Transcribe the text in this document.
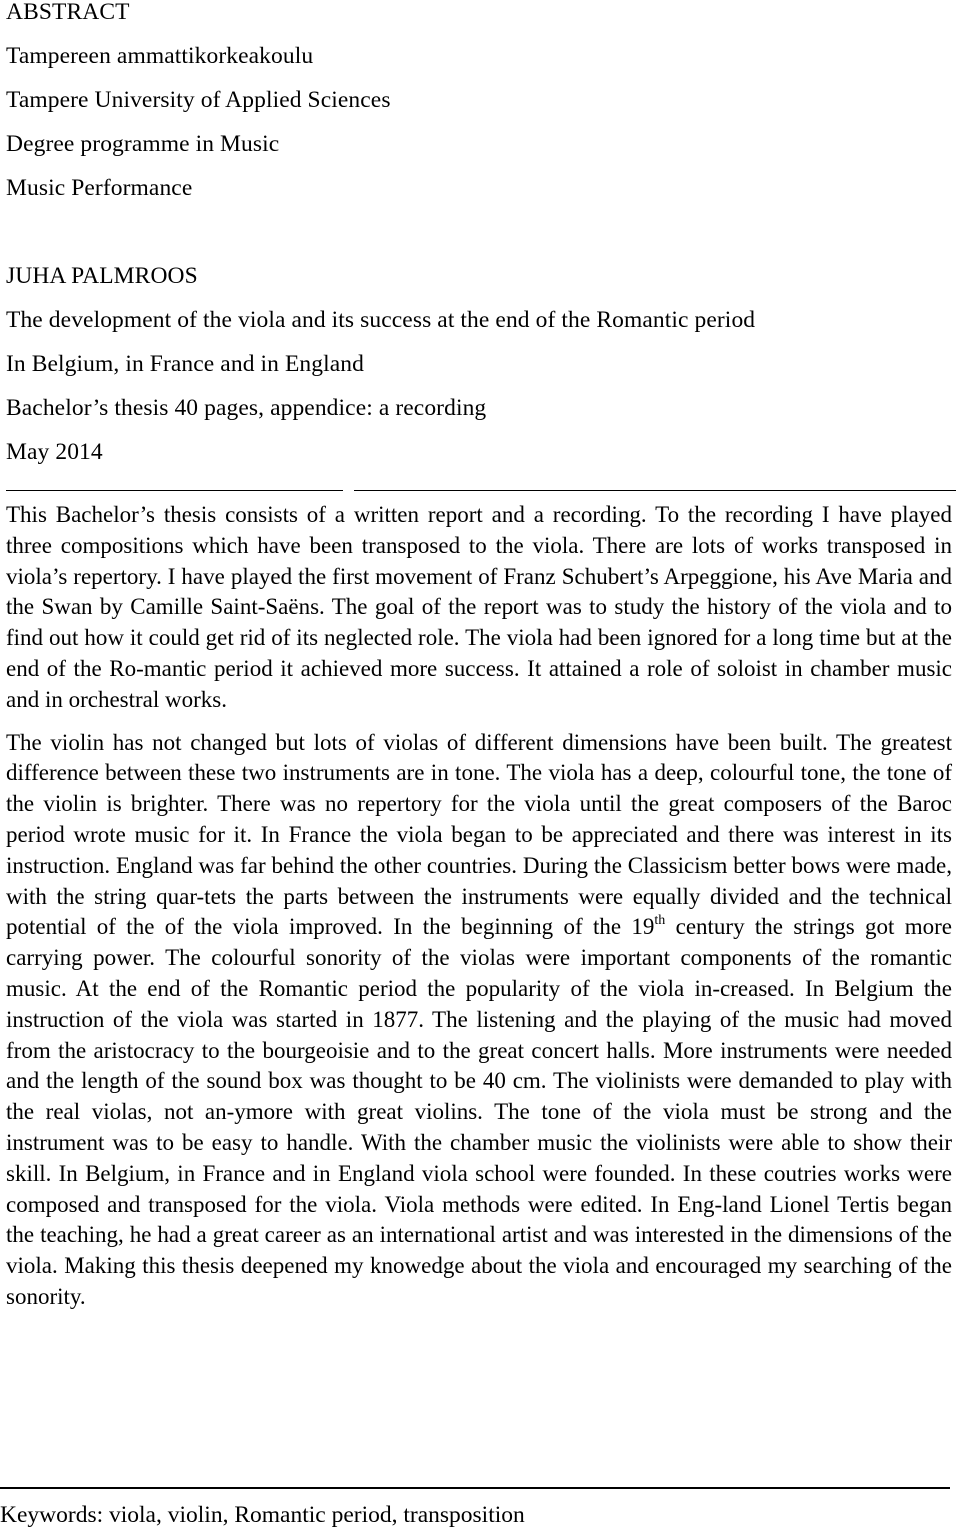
ABSTRACT
Tampereen ammattikorkeakoulu
Tampere University of Applied Sciences
Degree programme in Music
Music Performance
JUHA PALMROOS
The development of the viola and its success at the end of the Romantic period
In Belgium, in France and in England
Bachelor’s thesis 40 pages, appendice: a recording
May 2014

This Bachelor’s thesis consists of a written report and a recording. To the recording I have played three compositions which have been transposed to the viola. There are lots of works transposed in viola’s repertory. I have played the first movement of Franz Schubert’s Arpeggione, his Ave Maria and the Swan by Camille Saint-Saëns. The goal of the report was to study the history of the viola and to find out how it could get rid of its neglected role. The viola had been ignored for a long time but at the end of the Ro-mantic period it achieved more success. It attained a role of soloist in chamber music and in orchestral works.

The violin has not changed but lots of violas of different dimensions have been built. The greatest difference between these two instruments are in tone. The viola has a deep, colourful tone, the tone of the violin is brighter. There was no repertory for the viola until the great composers of the Baroc period wrote music for it. In France the viola began to be appreciated and there was interest in its instruction. England was far behind the other countries. During the Classicism better bows were made, with the string quar-tets the parts between the instruments were equally divided and the technical potential of the of the viola improved. In the beginning of the 19th century the strings got more carrying power. The colourful sonority of the violas were important components of the romantic music. At the end of the Romantic period the popularity of the viola in-creased. In Belgium the instruction of the viola was started in 1877. The listening and the playing of the music had moved from the aristocracy to the bourgeoisie and to the great concert halls. More instruments were needed and the length of the sound box was thought to be 40 cm. The violinists were demanded to play with the real violas, not an-ymore with great violins. The tone of the viola must be strong and the instrument was to be easy to handle. With the chamber music the violinists were able to show their skill. In Belgium, in France and in England viola school were founded. In these coutries works were composed and transposed for the viola. Viola methods were edited. In Eng-land Lionel Tertis began the teaching, he had a great career as an international artist and was interested in the dimensions of the viola. Making this thesis deepened my knowedge about the viola and encouraged my searching of the sonority.

Keywords: viola, violin, Romantic period, transposition
